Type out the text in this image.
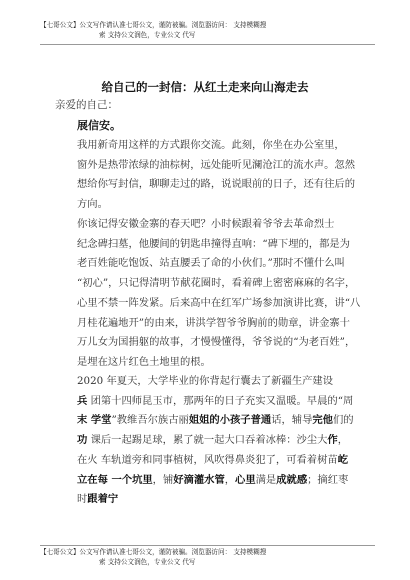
【七哥公文】公文写作请认准七哥公文，谨防被骗。浏览器访问： 支持模糊搜
索 支持公文润色，专业公文 代写
给自己的一封信：从红土走来向山海走去
亲爱的自己：
展信安。

我用新奇用这样的方式跟你交流。此刻，你坐在办公室里，
窗外是热带浓绿的油棕树，远处能听见澜沧江的流水声。忽然
想给你写封信，聊聊走过的路，说说眼前的日子，还有往后的
方向。

你该记得安徽金寨的春天吧？小时候跟着爷爷去革命烈士
纪念碑扫墓，他腰间的钥匙串撞得直响：“碑下埋的，都是为
老百姓能吃饱饭、站直腰丢了命的小伙们。”那时不懂什么叫
“初心”，只记得清明节献花圈时，看着碑上密密麻麻的名字，
心里不禁一阵发紧。后来高中在红军广场参加演讲比赛，讲“八
月桂花遍地开”的由来，讲洪学智爷爷胸前的勋章，讲金寨十
万儿女为国捐躯的故事，才慢慢懂得，爷爷说的“为老百姓”，
是埋在这片红色土地里的根。

2020 年夏天，大学毕业的你背起行囊去了新疆生产建设
兵 团第十四师昆玉市，那两年的日子充实又温暖。早晨的“周
末 学堂”教维吾尔族古丽姐姐的小孩子普通话，辅导完他们的
功 课后一起踢足球，累了就一起大口吞着冰棒：沙尘大作，
在火 车轨道旁和同事植树，风吹得鼻炎犯了，可看着树苗屹
立在每 一个坑里，铺好滴灌水管，心里满是成就感；摘红枣
时跟着宁

【七哥公文】公文写作请认准七哥公文，谨防被骗。浏览器访问： 支持模糊搜
索 支持公文润色，专业公文 代写
